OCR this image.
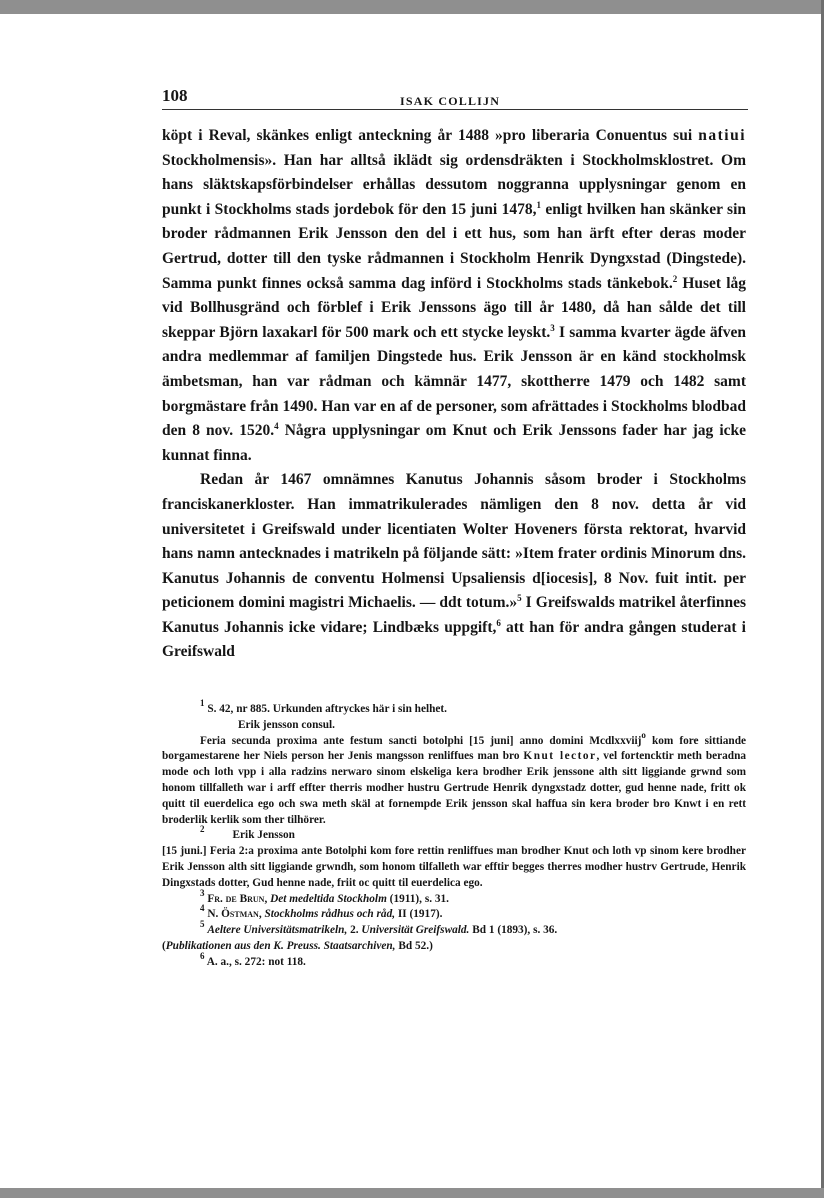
108	ISAK COLLIJN

köpt i Reval, skänkes enligt anteckning år 1488 »pro liberaria Conuentus sui natiui Stockholmensis». Han har alltså iklädt sig ordensdräkten i Stockholmsklostret. Om hans släktskapsförbindelser erhållas dessutom noggranna upplysningar genom en punkt i Stockholms stads jordebok för den 15 juni 1478,$^1$ enligt hvilken han skänker sin broder rådmannen Erik Jensson den del i ett hus, som han ärft efter deras moder Gertrud, dotter till den tyske rådmannen i Stockholm Henrik Dyngxstad (Dingstede). Samma punkt finnes också samma dag införd i Stockholms stads tänkebok.$^2$ Huset låg vid Bollhusgränd och förblef i Erik Jenssons ägo till år 1480, då han sålde det till skeppar Björn laxakarl för 500 mark och ett stycke leyskt.$^3$ I samma kvarter ägde äfven andra medlemmar af familjen Dingstede hus. Erik Jensson är en känd stockholmsk ämbetsman, han var rådman och kämnär 1477, skottherre 1479 och 1482 samt borgmästare från 1490. Han var en af de personer, som afrättades i Stockholms blodbad den 8 nov. 1520.$^4$ Några upplysningar om Knut och Erik Jenssons fader har jag icke kunnat finna.

Redan år 1467 omnämnes Kanutus Johannis såsom broder i Stockholms franciskanerkloster. Han immatrikulerades nämligen den 8 nov. detta år vid universitetet i Greifswald under licentiaten Wolter Hoveners första rektorat, hvarvid hans namn antecknades i matrikeln på följande sätt: »Item frater ordinis Minorum dns. Kanutus Johannis de conventu Holmensi Upsaliensis d[iocesis], 8 Nov. fuit intit. per peticionem domini magistri Michaelis. — ddt totum.»$^5$ I Greifswalds matrikel återfinnes Kanutus Johannis icke vidare; Lindbæks uppgift,$^6$ att han för andra gången studerat i Greifswald

$^1$ S. 42, nr 885. Urkunden aftryckes här i sin helhet.
Erik jensson consul.
Feria secunda proxima ante festum sancti botolphi [15 juni] anno domini Mcdlxxviij$^o$ kom fore sittiande borgamestarene her Niels person her Jenis mangsson renliffues man bro Knut lector, vel fortencktir meth beradna mode och loth vpp i alla radzins nerwaro sinom elskeliga kera brodher Erik jenssone alth sitt liggiande grwnd som honom tillfalleth war i arff effter therris modher hustru Gertrude Henrik dyngxstadz dotter, gud henne nade, fritt ok quitt til euerdelica ego och swa meth skäl at fornempde Erik jensson skal haffua sin kera broder bro Knwt i en rett broderlik kerlik som ther tilhörer.
$^2$ Erik Jensson
[15 juni.] Feria 2:a proxima ante Botolphi kom fore rettin renliffues man brodher Knut och loth vp sinom kere brodher Erik Jensson alth sitt liggiande grwndh, som honom tilfalleth war efftir begges therres modher hustrv Gertrude, Henrik Dingxstads dotter, Gud henne nade, friit oc quitt til euerdelica ego.
$^3$ Fr. de Brun, Det medeltida Stockholm (1911), s. 31.
$^4$ N. Östman, Stockholms rådhus och råd, II (1917).
$^5$ Aeltere Universitätsmatrikeln, 2. Universität Greifswald. Bd 1 (1893), s. 36.
(Publikationen aus den K. Preuss. Staatsarchiven, Bd 52.)
$^6$ A. a., s. 272: not 118.
